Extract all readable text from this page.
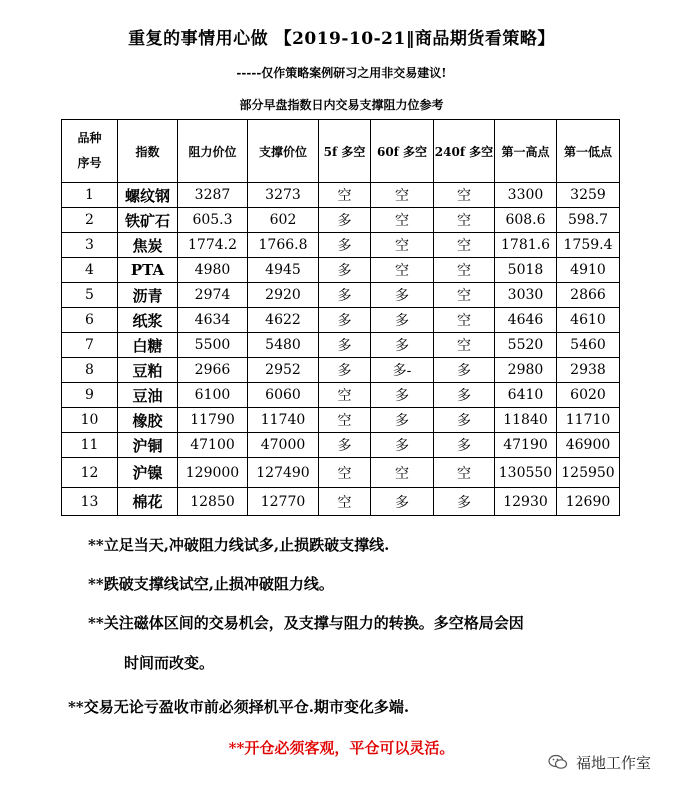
重复的事情用心做 【2019-10-21‖商品期货看策略】
-----仅作策略案例研习之用非交易建议!
部分早盘指数日内交易支撑阻力位参考
品种
序号	指数	阻力价位	支撑价位	5f 多空	60f 多空	240f 多空	第一高点	第一低点
1	螺纹钢	3287	3273	空	空	空	3300	3259
2	铁矿石	605.3	602	多	空	空	608.6	598.7
3	焦炭	1774.2	1766.8	多	空	空	1781.6	1759.4
4	PTA	4980	4945	多	空	空	5018	4910
5	沥青	2974	2920	多	多	空	3030	2866
6	纸浆	4634	4622	多	多	空	4646	4610
7	白糖	5500	5480	多	多	空	5520	5460
8	豆粕	2966	2952	多	多-	多	2980	2938
9	豆油	6100	6060	空	多	多	6410	6020
10	橡胶	11790	11740	空	多	多	11840	11710
11	沪铜	47100	47000	多	多	多	47190	46900
12	沪镍	129000	127490	空	空	空	130550	125950
13	棉花	12850	12770	空	多	多	12930	12690
**立足当天,冲破阻力线试多,止损跌破支撑线.
**跌破支撑线试空,止损冲破阻力线。
**关注磁体区间的交易机会，及支撑与阻力的转换。多空格局会因
时间而改变。
**交易无论亏盈收市前必须择机平仓.期市变化多端.
**开仓必须客观，平仓可以灵活。
福地工作室
